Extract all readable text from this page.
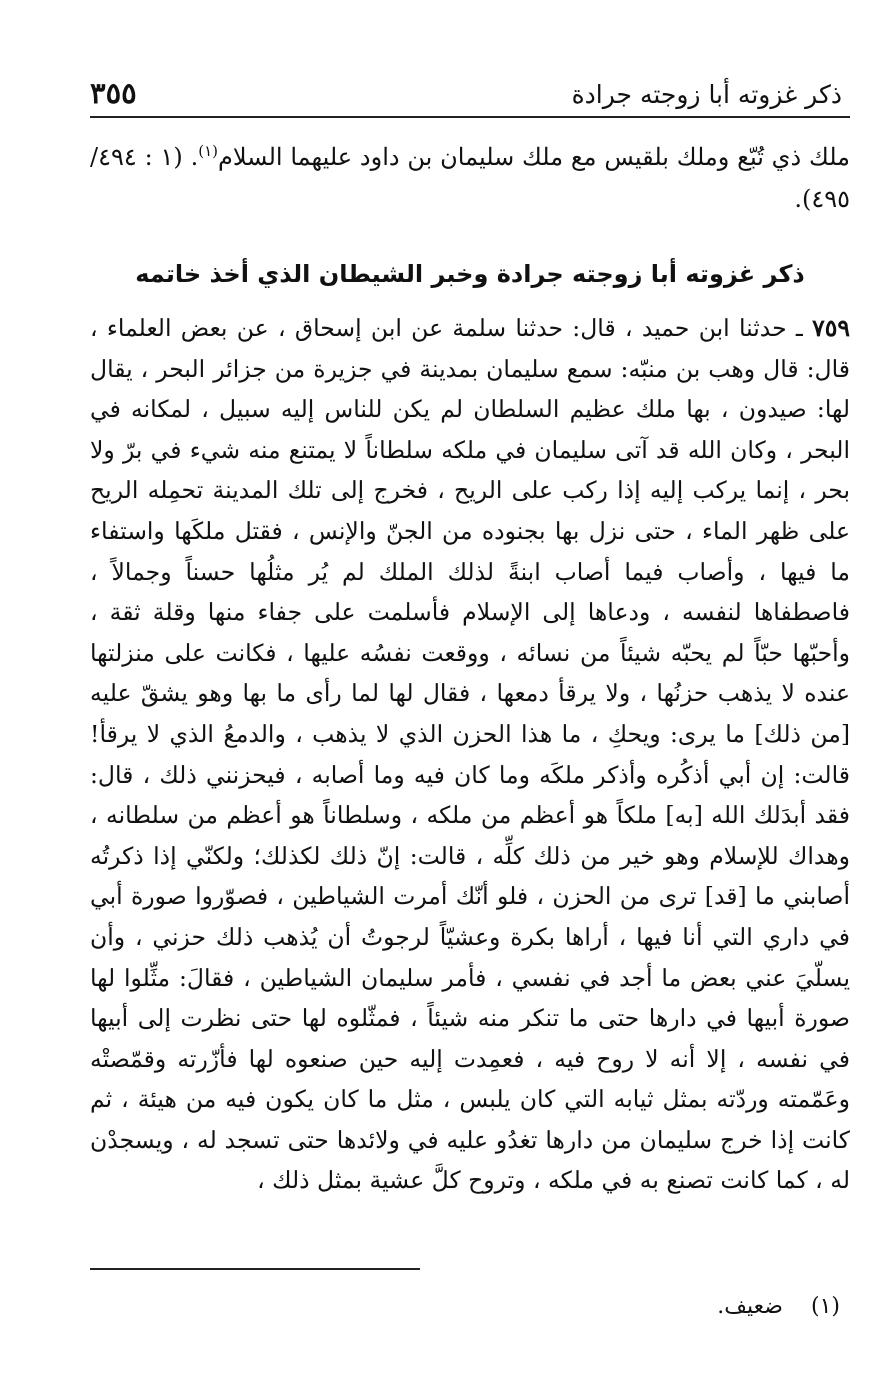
ذكر غزوته أبا زوجته جرادة
٣٥٥

ملك ذي تُبّع وملك بلقيس مع ملك سليمان بن داود عليهما السلام$^{(١)}$. (١ : ٤٩٤/ ٤٩٥).

ذكر غزوته أبا زوجته جرادة وخبر الشيطان الذي أخذ خاتمه

٧٥٩ ـ حدثنا ابن حميد ، قال: حدثنا سلمة عن ابن إسحاق ، عن بعض العلماء ، قال: قال وهب بن منبّه: سمع سليمان بمدينة في جزيرة من جزائر البحر ، يقال لها: صيدون ، بها ملك عظيم السلطان لم يكن للناس إليه سبيل ، لمكانه في البحر ، وكان الله قد آتى سليمان في ملكه سلطاناً لا يمتنع منه شيء في برّ ولا بحر ، إنما يركب إليه إذا ركب على الريح ، فخرج إلى تلك المدينة تحمِله الريح على ظهر الماء ، حتى نزل بها بجنوده من الجنّ والإنس ، فقتل ملكَها واستفاء ما فيها ، وأصاب فيما أصاب ابنةً لذلك الملك لم يُر مثلُها حسناً وجمالاً ، فاصطفاها لنفسه ، ودعاها إلى الإسلام فأسلمت على جفاء منها وقلة ثقة ، وأحبّها حبّاً لم يحبّه شيئاً من نسائه ، ووقعت نفسُه عليها ، فكانت على منزلتها عنده لا يذهب حزنُها ، ولا يرقأ دمعها ، فقال لها لما رأى ما بها وهو يشقّ عليه [من ذلك] ما يرى: ويحكِ ، ما هذا الحزن الذي لا يذهب ، والدمعُ الذي لا يرقأ! قالت: إن أبي أذكُره وأذكر ملكَه وما كان فيه وما أصابه ، فيحزنني ذلك ، قال: فقد أبدَلك الله [به] ملكاً هو أعظم من ملكه ، وسلطاناً هو أعظم من سلطانه ، وهداك للإسلام وهو خير من ذلك كلِّه ، قالت: إنّ ذلك لكذلك؛ ولكنّي إذا ذكرتُه أصابني ما [قد] ترى من الحزن ، فلو أنّك أمرت الشياطين ، فصوّروا صورة أبي في داري التي أنا فيها ، أراها بكرة وعشيّاً لرجوتُ أن يُذهب ذلك حزني ، وأن يسلّيَ عني بعض ما أجد في نفسي ، فأمر سليمان الشياطين ، فقالَ: مثِّلوا لها صورة أبيها في دارها حتى ما تنكر منه شيئاً ، فمثّلوه لها حتى نظرت إلى أبيها في نفسه ، إلا أنه لا روح فيه ، فعمِدت إليه حين صنعوه لها فأزّرته وقمّصتْه وعَمّمته وردّته بمثل ثيابه التي كان يلبس ، مثل ما كان يكون فيه من هيئة ، ثم كانت إذا خرج سليمان من دارها تغدُو عليه في ولائدها حتى تسجد له ، ويسجدْن له ، كما كانت تصنع به في ملكه ، وتروح كلَّ عشية بمثل ذلك ،

(١)    ضعيف.
